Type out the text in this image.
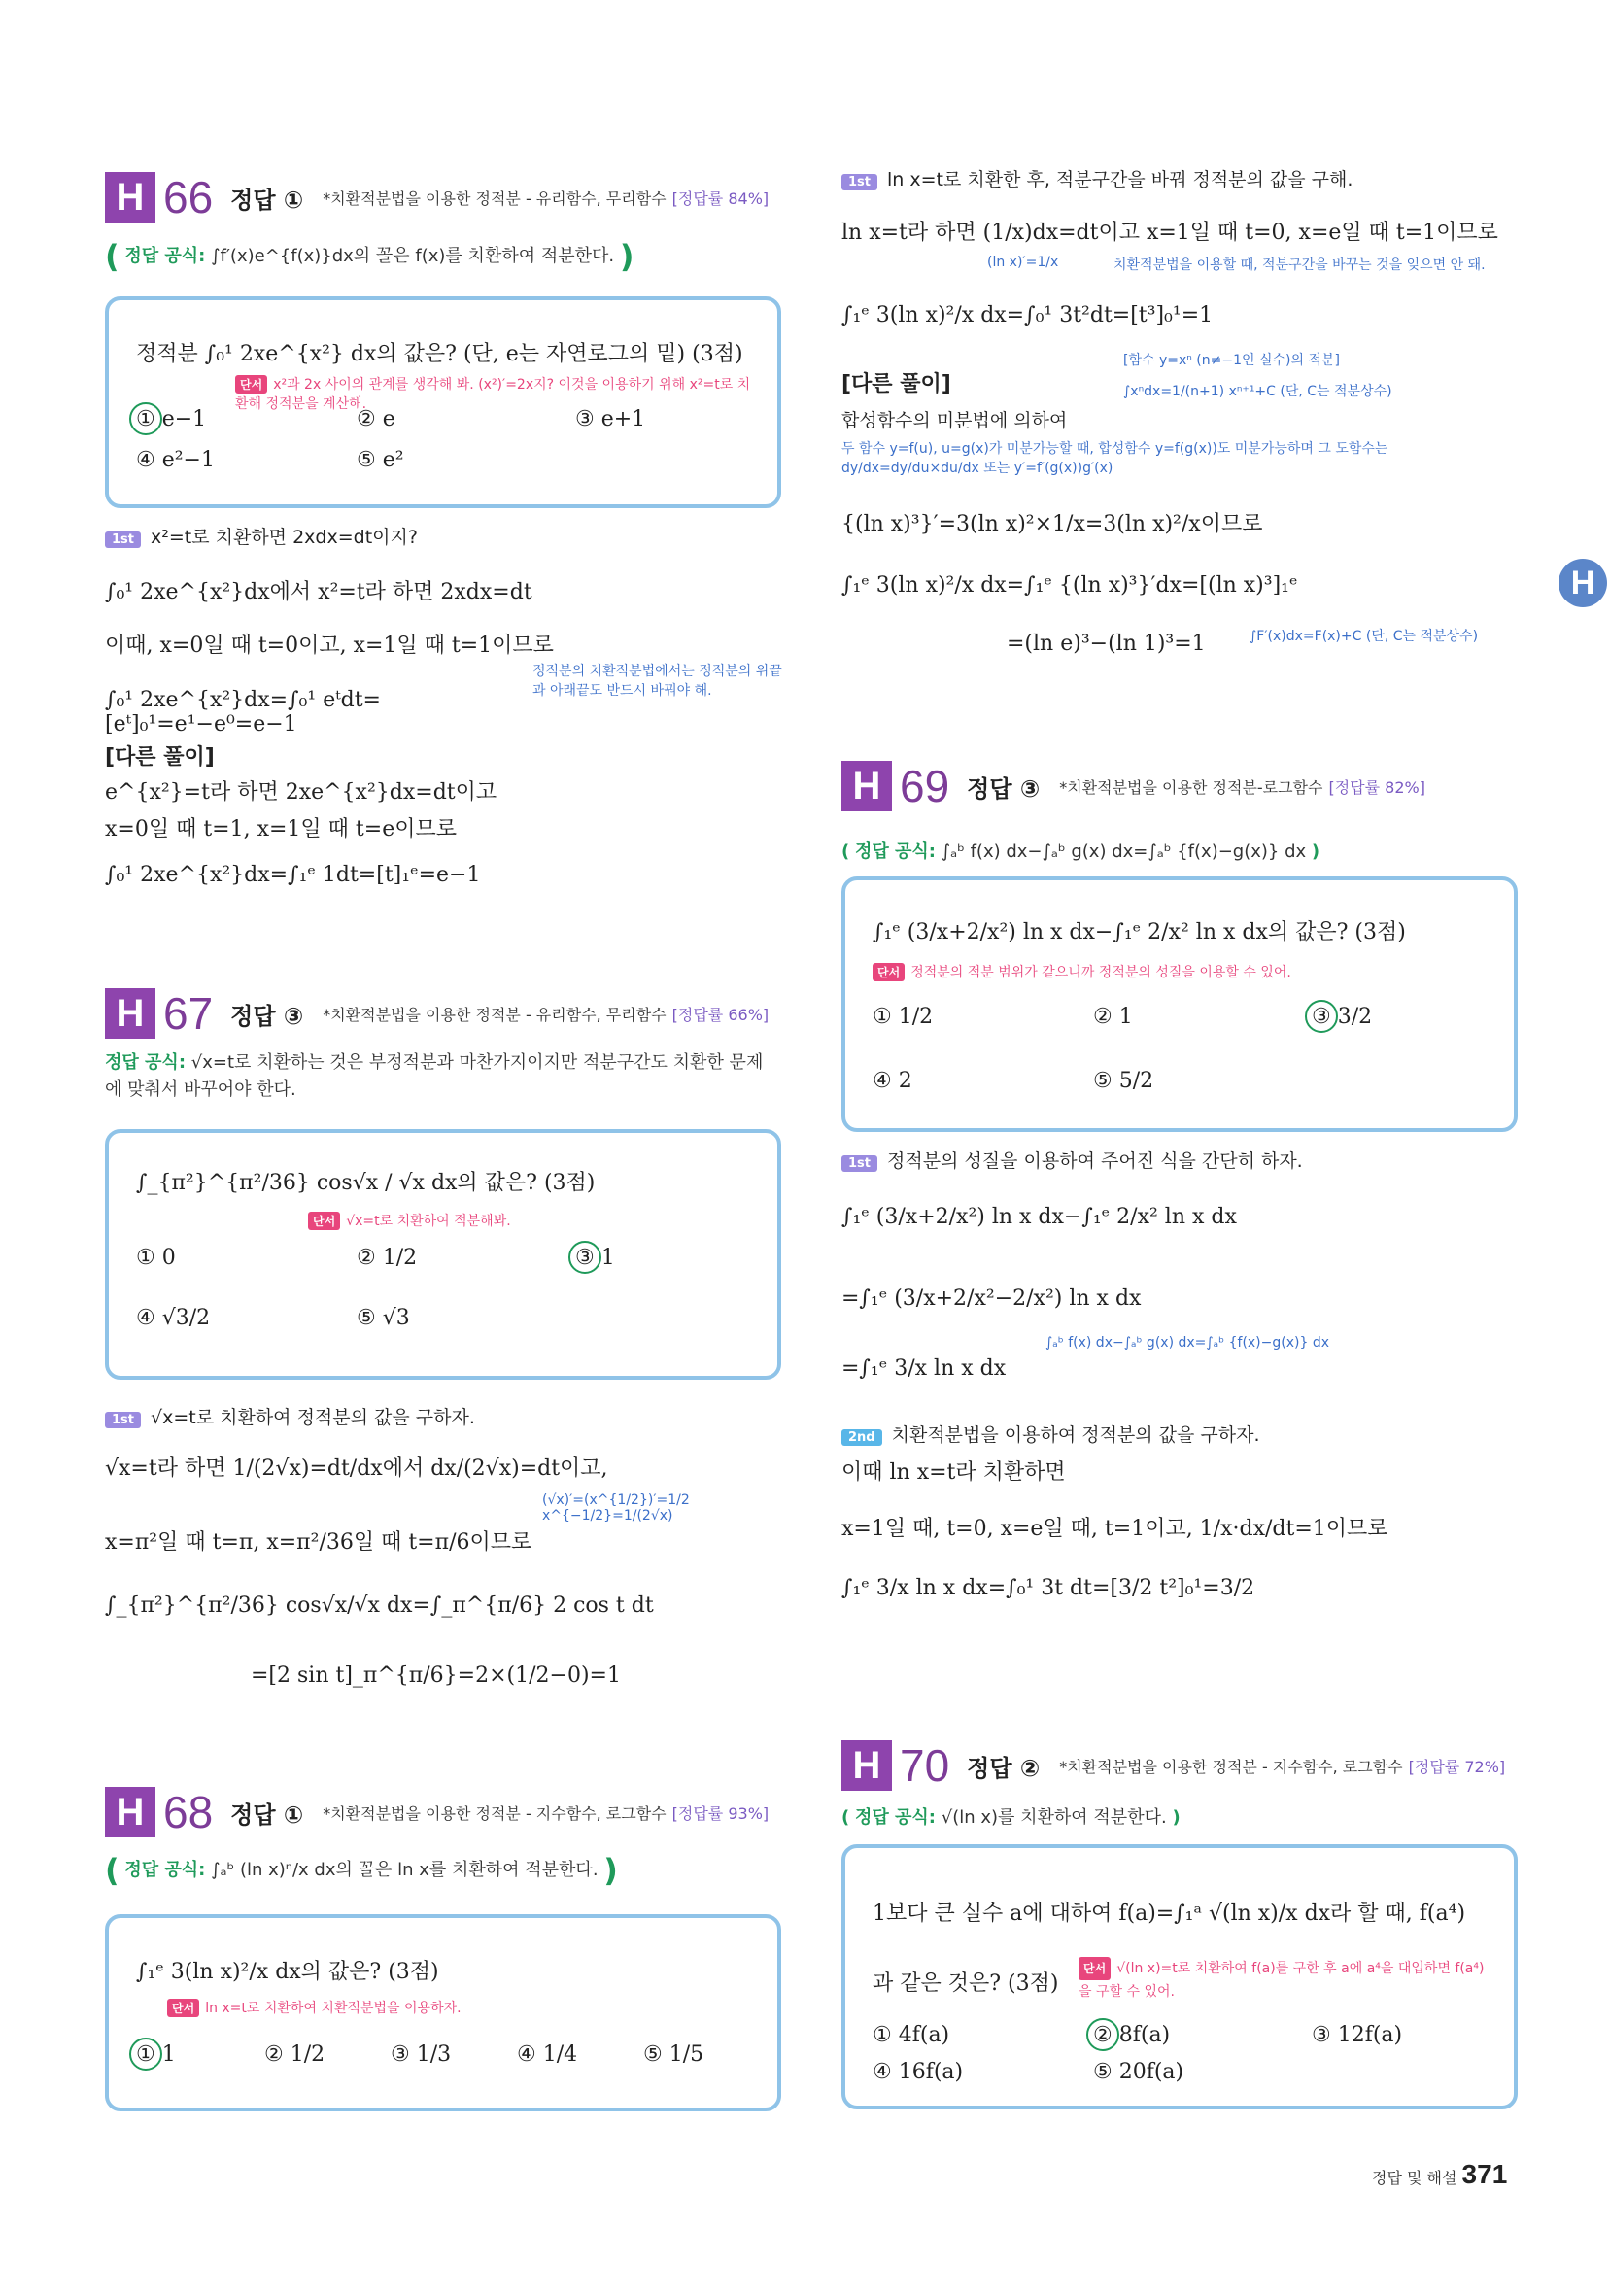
H 66 정답 ① *치환적분법을 이용한 정적분 - 유리함수, 무리함수 [정답률 84%]
( 정답 공식: ∫f′(x)e^{f(x)}dx의 꼴은 f(x)를 치환하여 적분한다. )
정적분 ∫₀¹ 2xe^{x²} dx의 값은? (단, e는 자연로그의 밑) (3점)
단서 x²과 2x 사이의 관계를 생각해 봐. (x²)′=2x지? 이것을 이용하기 위해 x²=t로 치환해 정적분을 계산해.
① e−1	② e	③ e+1
④ e²−1	⑤ e²
1st x²=t로 치환하면 2xdx=dt이지?
∫₀¹ 2xe^{x²}dx에서 x²=t라 하면 2xdx=dt
이때, x=0일 때 t=0이고, x=1일 때 t=1이므로
정적분의 치환적분법에서는 정적분의 위끝과 아래끝도 반드시 바꿔야 해.
∫₀¹ 2xe^{x²}dx=∫₀¹ eᵗdt=[eᵗ]₀¹=e¹−e⁰=e−1
[다른 풀이]
e^{x²}=t라 하면 2xe^{x²}dx=dt이고
x=0일 때 t=1, x=1일 때 t=e이므로
∫₀¹ 2xe^{x²}dx=∫₁ᵉ 1dt=[t]₁ᵉ=e−1
H 67 정답 ③ *치환적분법을 이용한 정적분 - 유리함수, 무리함수 [정답률 66%]
정답 공식: √x=t로 치환하는 것은 부정적분과 마찬가지이지만 적분구간도 치환한 문제에 맞춰서 바꾸어야 한다.
∫_{π²}^{π²/36} cos√x / √x dx의 값은? (3점)
단서 √x=t로 치환하여 적분해봐.
① 0	② 1/2	③ 1
④ √3/2	⑤ √3
1st √x=t로 치환하여 정적분의 값을 구하자.
√x=t라 하면 1/(2√x)=dt/dx에서 dx/(2√x)=dt이고,
(√x)′=(x^{1/2})′=1/2 x^{−1/2}=1/(2√x)
x=π²일 때 t=π, x=π²/36일 때 t=π/6이므로
∫_{π²}^{π²/36} cos√x/√x dx=∫_π^{π/6} 2 cos t dt
=[2 sin t]_π^{π/6}=2×(1/2−0)=1
H 68 정답 ① *치환적분법을 이용한 정적분 - 지수함수, 로그함수 [정답률 93%]
( 정답 공식: ∫ₐᵇ (ln x)ⁿ/x dx의 꼴은 ln x를 치환하여 적분한다. )
∫₁ᵉ 3(ln x)²/x dx의 값은? (3점)
단서 ln x=t로 치환하여 치환적분법을 이용하자.
① 1	② 1/2	③ 1/3	④ 1/4	⑤ 1/5
1st ln x=t로 치환한 후, 적분구간을 바꿔 정적분의 값을 구해.
ln x=t라 하면 (1/x)dx=dt이고 x=1일 때 t=0, x=e일 때 t=1이므로
(ln x)′=1/x	치환적분법을 이용할 때, 적분구간을 바꾸는 것을 잊으면 안 돼.
∫₁ᵉ 3(ln x)²/x dx=∫₀¹ 3t²dt=[t³]₀¹=1
[함수 y=xⁿ (n≠−1인 실수)의 적분]
[다른 풀이]	∫xⁿdx=1/(n+1) xⁿ⁺¹+C (단, C는 적분상수)
합성함수의 미분법에 의하여
두 함수 y=f(u), u=g(x)가 미분가능할 때, 합성함수 y=f(g(x))도 미분가능하며 그 도함수는 dy/dx=dy/du×du/dx 또는 y′=f′(g(x))g′(x)
{(ln x)³}′=3(ln x)²×1/x=3(ln x)²/x이므로
∫₁ᵉ 3(ln x)²/x dx=∫₁ᵉ {(ln x)³}′dx=[(ln x)³]₁ᵉ
=(ln e)³−(ln 1)³=1	∫F′(x)dx=F(x)+C (단, C는 적분상수)
H 69 정답 ③ *치환적분법을 이용한 정적분-로그함수 [정답률 82%]
( 정답 공식: ∫ₐᵇ f(x) dx−∫ₐᵇ g(x) dx=∫ₐᵇ {f(x)−g(x)} dx )
∫₁ᵉ (3/x+2/x²) ln x dx−∫₁ᵉ 2/x² ln x dx의 값은? (3점)
단서 정적분의 적분 범위가 같으니까 정적분의 성질을 이용할 수 있어.
① 1/2	② 1	③ 3/2
④ 2	⑤ 5/2
1st 정적분의 성질을 이용하여 주어진 식을 간단히 하자.
∫₁ᵉ (3/x+2/x²) ln x dx−∫₁ᵉ 2/x² ln x dx
=∫₁ᵉ (3/x+2/x²−2/x²) ln x dx
∫ₐᵇ f(x) dx−∫ₐᵇ g(x) dx=∫ₐᵇ {f(x)−g(x)} dx
=∫₁ᵉ 3/x ln x dx
2nd 치환적분법을 이용하여 정적분의 값을 구하자.
이때 ln x=t라 치환하면
x=1일 때, t=0, x=e일 때, t=1이고, 1/x·dx/dt=1이므로
∫₁ᵉ 3/x ln x dx=∫₀¹ 3t dt=[3/2 t²]₀¹=3/2
H 70 정답 ② *치환적분법을 이용한 정적분 - 지수함수, 로그함수 [정답률 72%]
( 정답 공식: √(ln x)를 치환하여 적분한다. )
1보다 큰 실수 a에 대하여 f(a)=∫₁ᵃ √(ln x)/x dx라 할 때, f(a⁴)
과 같은 것은? (3점)
단서 √(ln x)=t로 치환하여 f(a)를 구한 후 a에 a⁴을 대입하면 f(a⁴)을 구할 수 있어.
① 4f(a)	② 8f(a)	③ 12f(a)
④ 16f(a)	⑤ 20f(a)
H
정답 및 해설 371
